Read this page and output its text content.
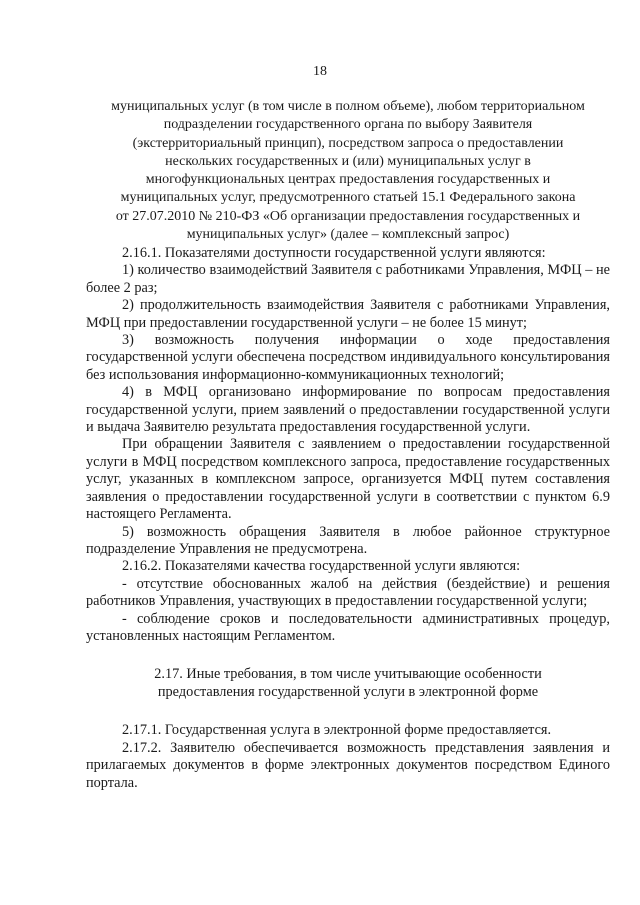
18
муниципальных услуг (в том числе в полном объеме), любом территориальном
подразделении государственного органа по выбору Заявителя
(экстерриториальный принцип), посредством запроса о предоставлении
нескольких государственных и (или) муниципальных услуг в
многофункциональных центрах предоставления государственных и
муниципальных услуг, предусмотренного статьей 15.1 Федерального закона
от 27.07.2010 № 210-ФЗ «Об организации предоставления государственных и
муниципальных услуг» (далее – комплексный запрос)

2.16.1. Показателями доступности государственной услуги являются:

1) количество взаимодействий Заявителя с работниками Управления, МФЦ – не более 2 раз;

2) продолжительность взаимодействия Заявителя с работниками Управления, МФЦ при предоставлении государственной услуги – не более 15 минут;

3) возможность получения информации о ходе предоставления государственной услуги обеспечена посредством индивидуального консультирования без использования информационно-коммуникационных технологий;

4) в МФЦ организовано информирование по вопросам предоставления государственной услуги, прием заявлений о предоставлении государственной услуги и выдача Заявителю результата предоставления государственной услуги.

При обращении Заявителя с заявлением о предоставлении государственной услуги в МФЦ посредством комплексного запроса, предоставление государственных услуг, указанных в комплексном запросе, организуется МФЦ путем составления заявления о предоставлении государственной услуги в соответствии с пунктом 6.9 настоящего Регламента.

5) возможность обращения Заявителя в любое районное структурное подразделение Управления не предусмотрена.

2.16.2. Показателями качества государственной услуги являются:

- отсутствие обоснованных жалоб на действия (бездействие) и решения работников Управления, участвующих в предоставлении государственной услуги;

- соблюдение сроков и последовательности административных процедур, установленных настоящим Регламентом.

2.17. Иные требования, в том числе учитывающие особенности
предоставления государственной услуги в электронной форме

2.17.1. Государственная услуга в электронной форме предоставляется.

2.17.2. Заявителю обеспечивается возможность представления заявления и прилагаемых документов в форме электронных документов посредством Единого портала.
